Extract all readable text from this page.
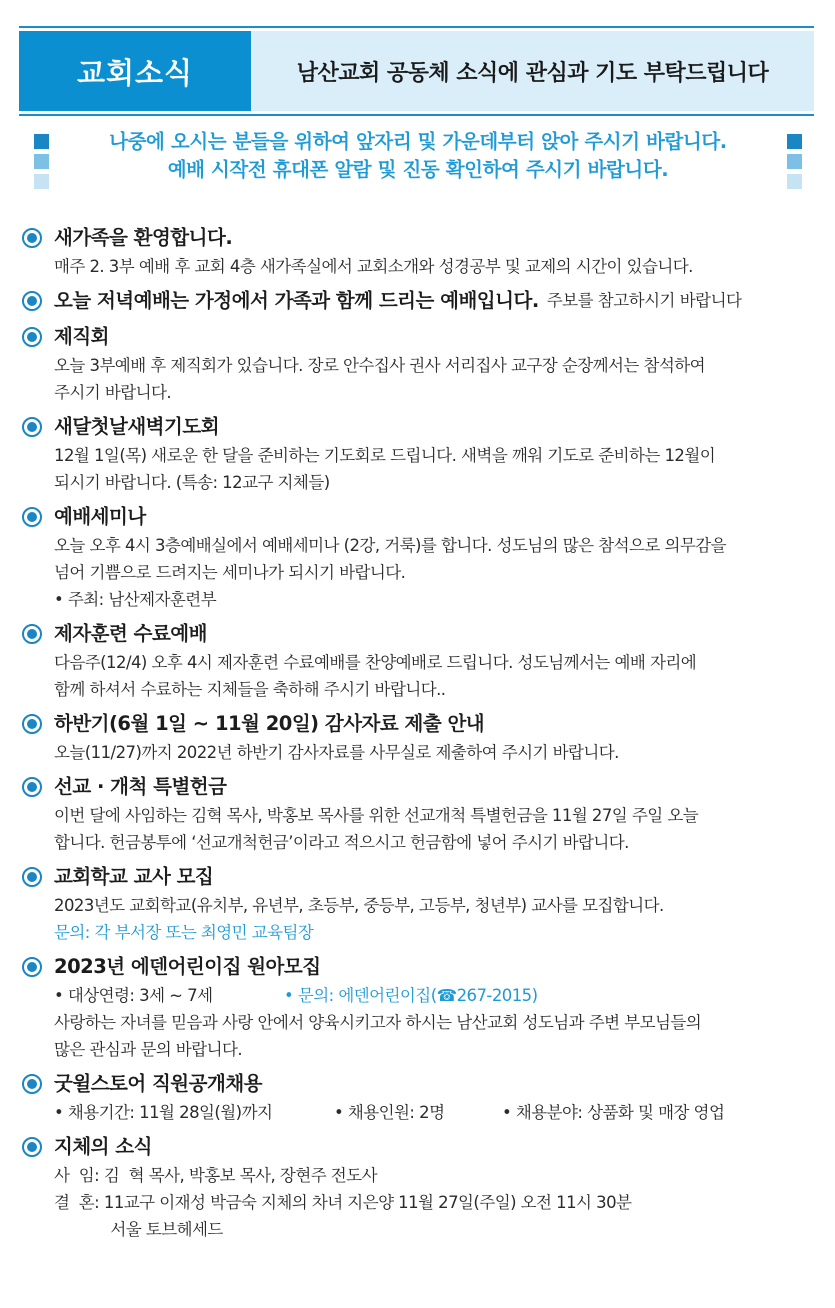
교회소식	남산교회 공동체 소식에 관심과 기도 부탁드립니다
나중에 오시는 분들을 위하여 앞자리 및 가운데부터 앉아 주시기 바랍니다.
예배 시작전 휴대폰 알람 및 진동 확인하여 주시기 바랍니다.
새가족을 환영합니다.

매주 2. 3부 예배 후 교회 4층 새가족실에서 교회소개와 성경공부 및 교제의 시간이 있습니다.

오늘 저녁예배는 가정에서 가족과 함께 드리는 예배입니다. 주보를 참고하시기 바랍니다
제직회

오늘 3부예배 후 제직회가 있습니다. 장로 안수집사 권사 서리집사 교구장 순장께서는 참석하여

주시기 바랍니다.

새달첫날새벽기도회

12월 1일(목) 새로운 한 달을 준비하는 기도회로 드립니다. 새벽을 깨워 기도로 준비하는 12월이

되시기 바랍니다. (특송: 12교구 지체들)

예배세미나

오늘 오후 4시 3층예배실에서 예배세미나 (2강, 거룩)를 합니다. 성도님의 많은 참석으로 의무감을

넘어 기쁨으로 드려지는 세미나가 되시기 바랍니다.

• 주최: 남산제자훈련부

제자훈련 수료예배

다음주(12/4) 오후 4시 제자훈련 수료예배를 찬양예배로 드립니다. 성도님께서는 예배 자리에

함께 하셔서 수료하는 지체들을 축하해 주시기 바랍니다..

하반기(6월 1일 ~ 11월 20일) 감사자료 제출 안내

오늘(11/27)까지 2022년 하반기 감사자료를 사무실로 제출하여 주시기 바랍니다.

선교 · 개척 특별헌금

이번 달에 사임하는 김혁 목사, 박홍보 목사를 위한 선교개척 특별헌금을 11월 27일 주일 오늘

합니다. 헌금봉투에 ‘선교개척헌금’이라고 적으시고 헌금함에 넣어 주시기 바랍니다.

교회학교 교사 모집

2023년도 교회학교(유치부, 유년부, 초등부, 중등부, 고등부, 청년부) 교사를 모집합니다.

문의: 각 부서장 또는 최영민 교육팀장

2023년 에덴어린이집 원아모집
• 대상연령: 3세 ~ 7세	• 문의: 에덴어린이집(☎267-2015)

사랑하는 자녀를 믿음과 사랑 안에서 양육시키고자 하시는 남산교회 성도님과 주변 부모님들의

많은 관심과 문의 바랍니다.

굿윌스토어 직원공개채용
• 채용기간: 11월 28일(월)까지	• 채용인원: 2명	• 채용분야: 상품화 및 매장 영업
지체의 소식

사  임: 김  혁 목사, 박홍보 목사, 장현주 전도사

결  혼: 11교구 이재성 박금숙 지체의 차녀 지은양 11월 27일(주일) 오전 11시 30분

서울 토브헤세드
